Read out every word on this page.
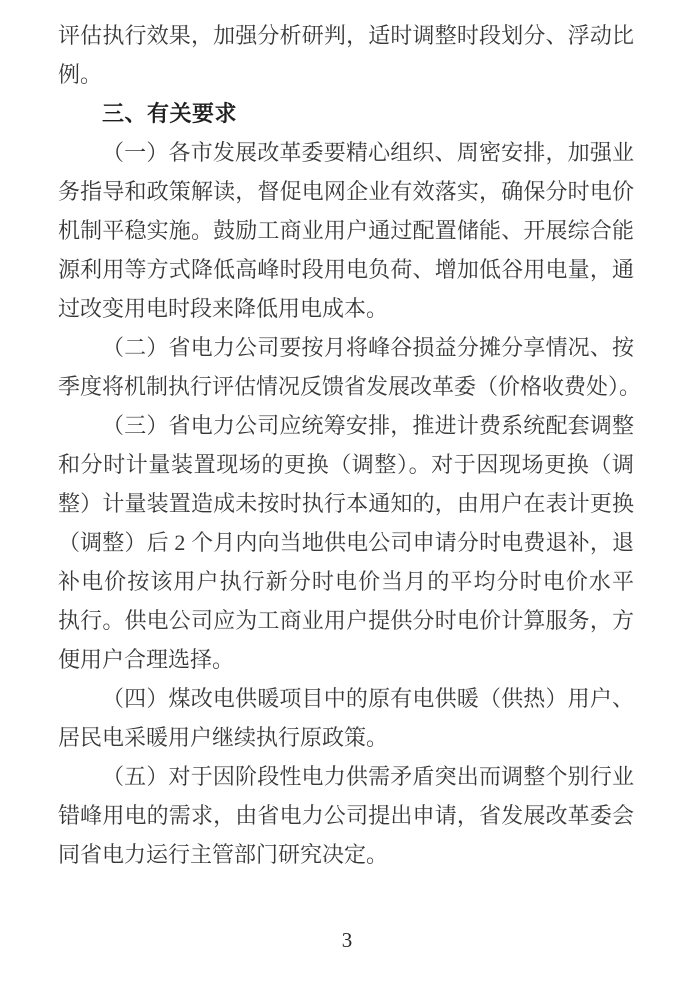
评估执行效果，加强分析研判，适时调整时段划分、浮动比
例。
三、有关要求
（一）各市发展改革委要精心组织、周密安排，加强业
务指导和政策解读，督促电网企业有效落实，确保分时电价
机制平稳实施。鼓励工商业用户通过配置储能、开展综合能
源利用等方式降低高峰时段用电负荷、增加低谷用电量，通
过改变用电时段来降低用电成本。
（二）省电力公司要按月将峰谷损益分摊分享情况、按
季度将机制执行评估情况反馈省发展改革委（价格收费处）。
（三）省电力公司应统筹安排，推进计费系统配套调整
和分时计量装置现场的更换（调整）。对于因现场更换（调
整）计量装置造成未按时执行本通知的，由用户在表计更换
（调整）后 2 个月内向当地供电公司申请分时电费退补，退
补电价按该用户执行新分时电价当月的平均分时电价水平
执行。供电公司应为工商业用户提供分时电价计算服务，方
便用户合理选择。
（四）煤改电供暖项目中的原有电供暖（供热）用户、
居民电采暖用户继续执行原政策。
（五）对于因阶段性电力供需矛盾突出而调整个别行业
错峰用电的需求，由省电力公司提出申请，省发展改革委会
同省电力运行主管部门研究决定。
3
